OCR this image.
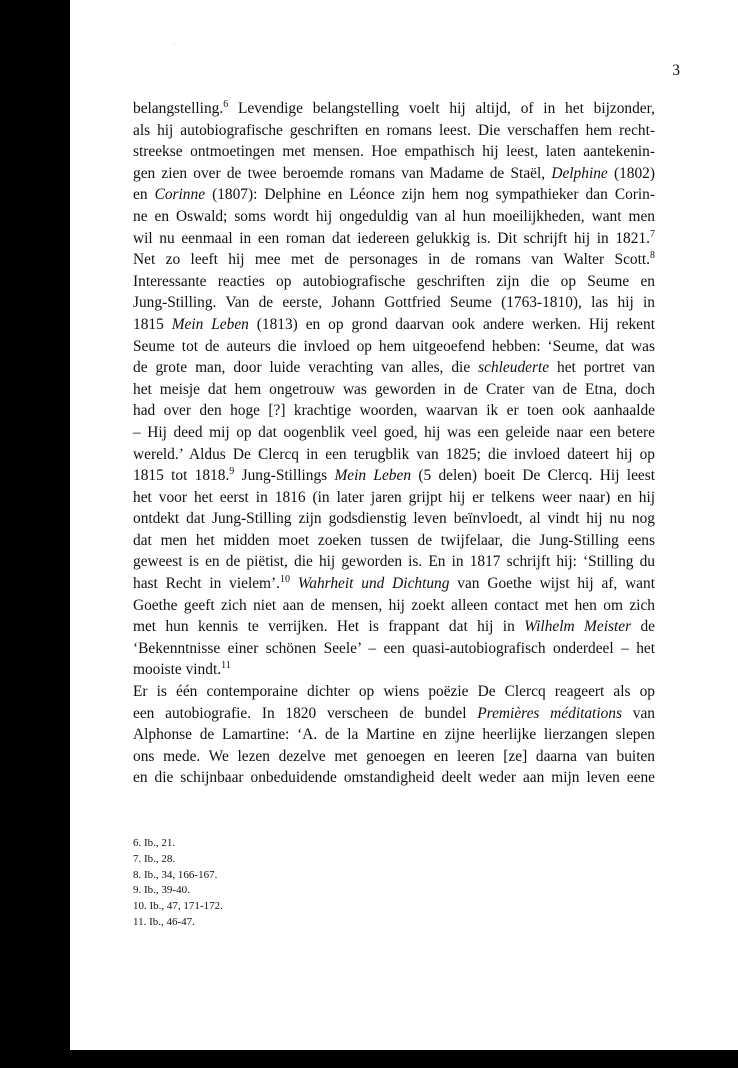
3
belangstelling.$^6$ Levendige belangstelling voelt hij altijd, of in het bijzonder,
als hij autobiografische geschriften en romans leest. Die verschaffen hem recht-
streekse ontmoetingen met mensen. Hoe empathisch hij leest, laten aantekenin-
gen zien over de twee beroemde romans van Madame de Staël, Delphine (1802)
en Corinne (1807): Delphine en Léonce zijn hem nog sympathieker dan Corin-
ne en Oswald; soms wordt hij ongeduldig van al hun moeilijkheden, want men
wil nu eenmaal in een roman dat iedereen gelukkig is. Dit schrijft hij in 1821.$^7$
Net zo leeft hij mee met de personages in de romans van Walter Scott.$^8$
Interessante reacties op autobiografische geschriften zijn die op Seume en
Jung-Stilling. Van de eerste, Johann Gottfried Seume (1763-1810), las hij in
1815 Mein Leben (1813) en op grond daarvan ook andere werken. Hij rekent
Seume tot de auteurs die invloed op hem uitgeoefend hebben: ‘Seume, dat was
de grote man, door luide verachting van alles, die schleuderte het portret van
het meisje dat hem ongetrouw was geworden in de Crater van de Etna, doch
had over den hoge [?] krachtige woorden, waarvan ik er toen ook aanhaalde
– Hij deed mij op dat oogenblik veel goed, hij was een geleide naar een betere
wereld.’ Aldus De Clercq in een terugblik van 1825; die invloed dateert hij op
1815 tot 1818.$^9$ Jung-Stillings Mein Leben (5 delen) boeit De Clercq. Hij leest
het voor het eerst in 1816 (in later jaren grijpt hij er telkens weer naar) en hij
ontdekt dat Jung-Stilling zijn godsdienstig leven beïnvloedt, al vindt hij nu nog
dat men het midden moet zoeken tussen de twijfelaar, die Jung-Stilling eens
geweest is en de piëtist, die hij geworden is. En in 1817 schrijft hij: ‘Stilling du
hast Recht in vielem’.$^{10}$ Wahrheit und Dichtung van Goethe wijst hij af, want
Goethe geeft zich niet aan de mensen, hij zoekt alleen contact met hen om zich
met hun kennis te verrijken. Het is frappant dat hij in Wilhelm Meister de
‘Bekenntnisse einer schönen Seele’ – een quasi-autobiografisch onderdeel – het
mooiste vindt.$^{11}$
Er is één contemporaine dichter op wiens poëzie De Clercq reageert als op
een autobiografie. In 1820 verscheen de bundel Premières méditations van
Alphonse de Lamartine: ‘A. de la Martine en zijne heerlijke lierzangen slepen
ons mede. We lezen dezelve met genoegen en leeren [ze] daarna van buiten
en die schijnbaar onbeduidende omstandigheid deelt weder aan mijn leven eene
6. Ib., 21.
7. Ib., 28.
8. Ib., 34, 166-167.
9. Ib., 39-40.
10. Ib., 47, 171-172.
11. Ib., 46-47.
